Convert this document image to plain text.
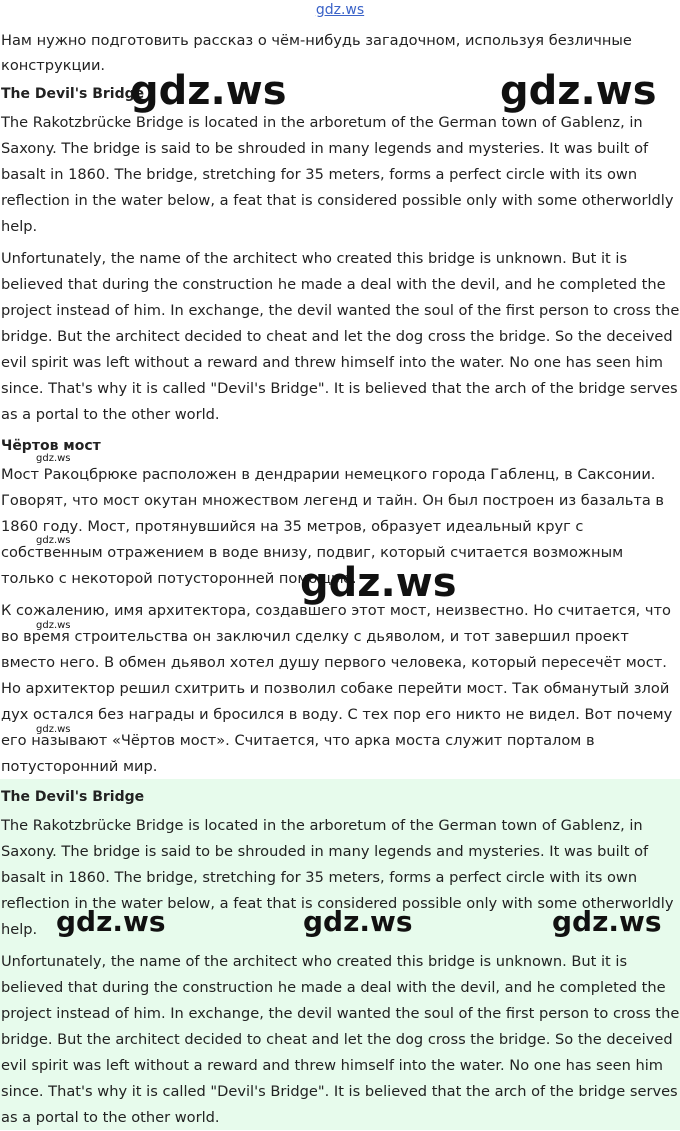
gdz.ws

Нам нужно подготовить рассказ о чём-нибудь загадочном, используя безличные конструкции.

The Devil's Bridge

The Rakotzbrücke Bridge is located in the arboretum of the German town of Gablenz, in Saxony. The bridge is said to be shrouded in many legends and mysteries. It was built of basalt in 1860. The bridge, stretching for 35 meters, forms a perfect circle with its own reflection in the water below, a feat that is considered possible only with some otherworldly help.

Unfortunately, the name of the architect who created this bridge is unknown. But it is believed that during the construction he made a deal with the devil, and he completed the project instead of him. In exchange, the devil wanted the soul of the first person to cross the bridge. But the architect decided to cheat and let the dog cross the bridge. So the deceived evil spirit was left without a reward and threw himself into the water. No one has seen him since. That's why it is called "Devil's Bridge". It is believed that the arch of the bridge serves as a portal to the other world.

Чёртов мост

Мост Ракоцбрюке расположен в дендрарии немецкого города Габленц, в Саксонии. Говорят, что мост окутан множеством легенд и тайн. Он был построен из базальта в 1860 году. Мост, протянувшийся на 35 метров, образует идеальный круг с собственным отражением в воде внизу, подвиг, который считается возможным только с некоторой потусторонней помощью.

К сожалению, имя архитектора, создавшего этот мост, неизвестно. Но считается, что во время строительства он заключил сделку с дьяволом, и тот завершил проект вместо него. В обмен дьявол хотел душу первого человека, который пересечёт мост. Но архитектор решил схитрить и позволил собаке перейти мост. Так обманутый злой дух остался без награды и бросился в воду. С тех пор его никто не видел. Вот почему его называют «Чёртов мост». Считается, что арка моста служит порталом в потусторонний мир.

The Devil's Bridge

The Rakotzbrücke Bridge is located in the arboretum of the German town of Gablenz, in Saxony. The bridge is said to be shrouded in many legends and mysteries. It was built of basalt in 1860. The bridge, stretching for 35 meters, forms a perfect circle with its own reflection in the water below, a feat that is considered possible only with some otherworldly help.

Unfortunately, the name of the architect who created this bridge is unknown. But it is believed that during the construction he made a deal with the devil, and he completed the project instead of him. In exchange, the devil wanted the soul of the first person to cross the bridge. But the architect decided to cheat and let the dog cross the bridge. So the deceived evil spirit was left without a reward and threw himself into the water. No one has seen him since. That's why it is called "Devil's Bridge". It is believed that the arch of the bridge serves as a portal to the other world.

gdz.ws	gdz.ws
gdz.ws
gdz.ws	gdz.ws	gdz.ws
gdz.ws
gdz.ws
gdz.ws
gdz.ws
